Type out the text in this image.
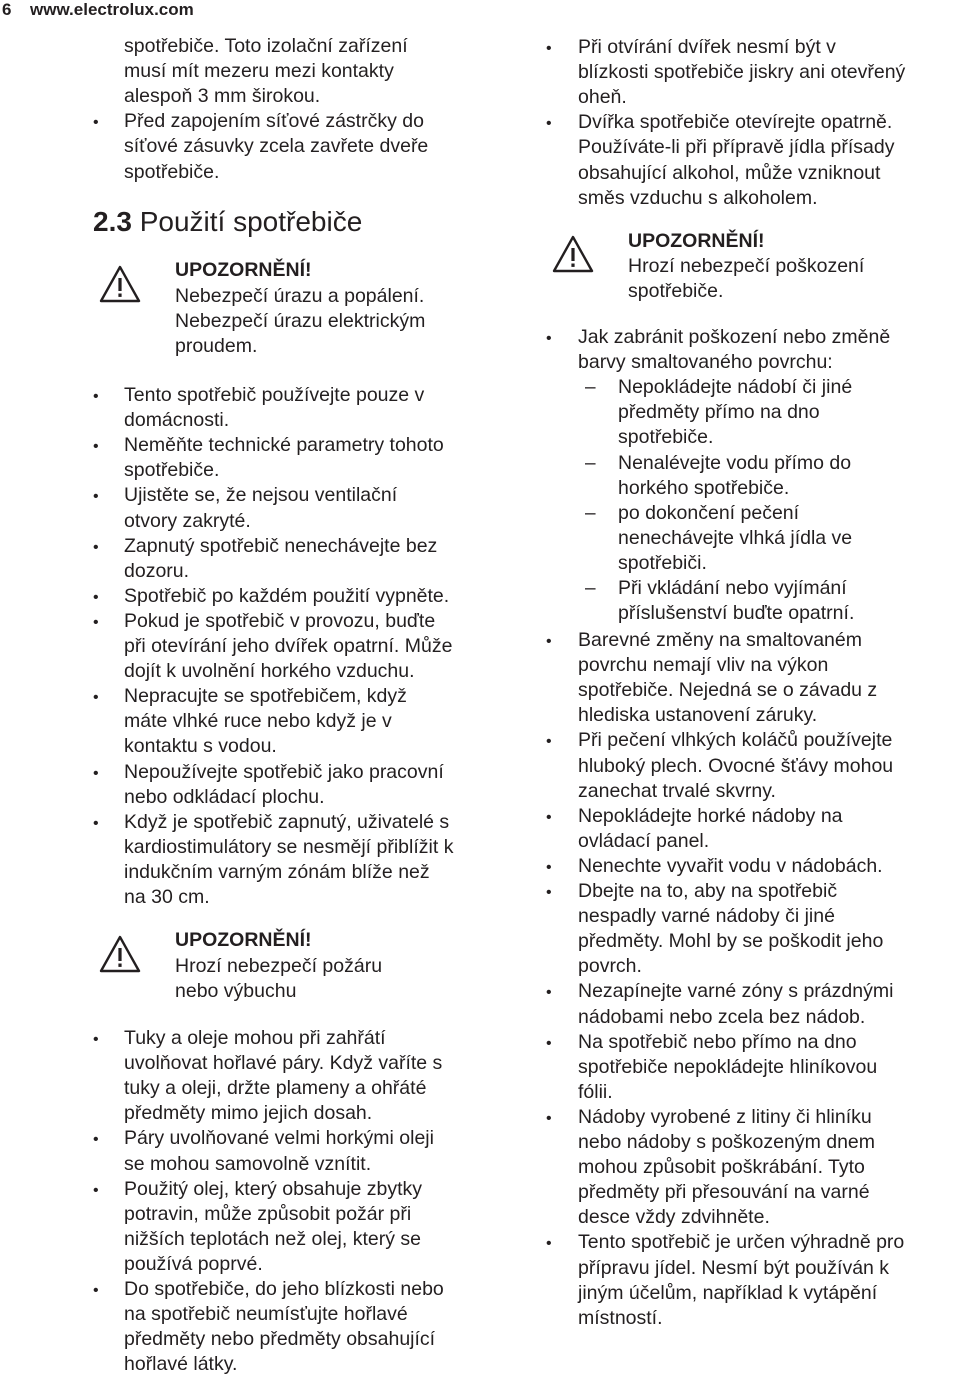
6 www.electrolux.com
spotřebiče. Toto izolační zařízení
musí mít mezeru mezi kontakty
alespoň 3 mm širokou.
• Před zapojením síťové zástrčky do
síťové zásuvky zcela zavřete dveře
spotřebiče.
2.3 Použití spotřebiče
UPOZORNĚNÍ!
Nebezpečí úrazu a popálení.
Nebezpečí úrazu elektrickým
proudem.
• Tento spotřebič používejte pouze v
domácnosti.
• Neměňte technické parametry tohoto
spotřebiče.
• Ujistěte se, že nejsou ventilační
otvory zakryté.
• Zapnutý spotřebič nenechávejte bez
dozoru.
• Spotřebič po každém použití vypněte.
• Pokud je spotřebič v provozu, buďte
při otevírání jeho dvířek opatrní. Může
dojít k uvolnění horkého vzduchu.
• Nepracujte se spotřebičem, když
máte vlhké ruce nebo když je v
kontaktu s vodou.
• Nepoužívejte spotřebič jako pracovní
nebo odkládací plochu.
• Když je spotřebič zapnutý, uživatelé s
kardiostimulátory se nesmějí přiblížit k
indukčním varným zónám blíže než
na 30 cm.
UPOZORNĚNÍ!
Hrozí nebezpečí požáru
nebo výbuchu
• Tuky a oleje mohou při zahřátí
uvolňovat hořlavé páry. Když vaříte s
tuky a oleji, držte plameny a ohřáté
předměty mimo jejich dosah.
• Páry uvolňované velmi horkými oleji
se mohou samovolně vznítit.
• Použitý olej, který obsahuje zbytky
potravin, může způsobit požár při
nižších teplotách než olej, který se
používá poprvé.
• Do spotřebiče, do jeho blízkosti nebo
na spotřebič neumísťujte hořlavé
předměty nebo předměty obsahující
hořlavé látky.
• Při otvírání dvířek nesmí být v
blízkosti spotřebiče jiskry ani otevřený
oheň.
• Dvířka spotřebiče otevírejte opatrně.
Používáte-li při přípravě jídla přísady
obsahující alkohol, může vzniknout
směs vzduchu s alkoholem.
UPOZORNĚNÍ!
Hrozí nebezpečí poškození
spotřebiče.
• Jak zabránit poškození nebo změně
barvy smaltovaného povrchu:
– Nepokládejte nádobí či jiné
předměty přímo na dno
spotřebiče.
– Nenalévejte vodu přímo do
horkého spotřebiče.
– po dokončení pečení
nenechávejte vlhká jídla ve
spotřebiči.
– Při vkládání nebo vyjímání
příslušenství buďte opatrní.
• Barevné změny na smaltovaném
povrchu nemají vliv na výkon
spotřebiče. Nejedná se o závadu z
hlediska ustanovení záruky.
• Při pečení vlhkých koláčů používejte
hluboký plech. Ovocné šťávy mohou
zanechat trvalé skvrny.
• Nepokládejte horké nádoby na
ovládací panel.
• Nenechte vyvařit vodu v nádobách.
• Dbejte na to, aby na spotřebič
nespadly varné nádoby či jiné
předměty. Mohl by se poškodit jeho
povrch.
• Nezapínejte varné zóny s prázdnými
nádobami nebo zcela bez nádob.
• Na spotřebič nebo přímo na dno
spotřebiče nepokládejte hliníkovou
fólii.
• Nádoby vyrobené z litiny či hliníku
nebo nádoby s poškozeným dnem
mohou způsobit poškrábání. Tyto
předměty při přesouvání na varné
desce vždy zdvihněte.
• Tento spotřebič je určen výhradně pro
přípravu jídel. Nesmí být používán k
jiným účelům, například k vytápění
místností.
